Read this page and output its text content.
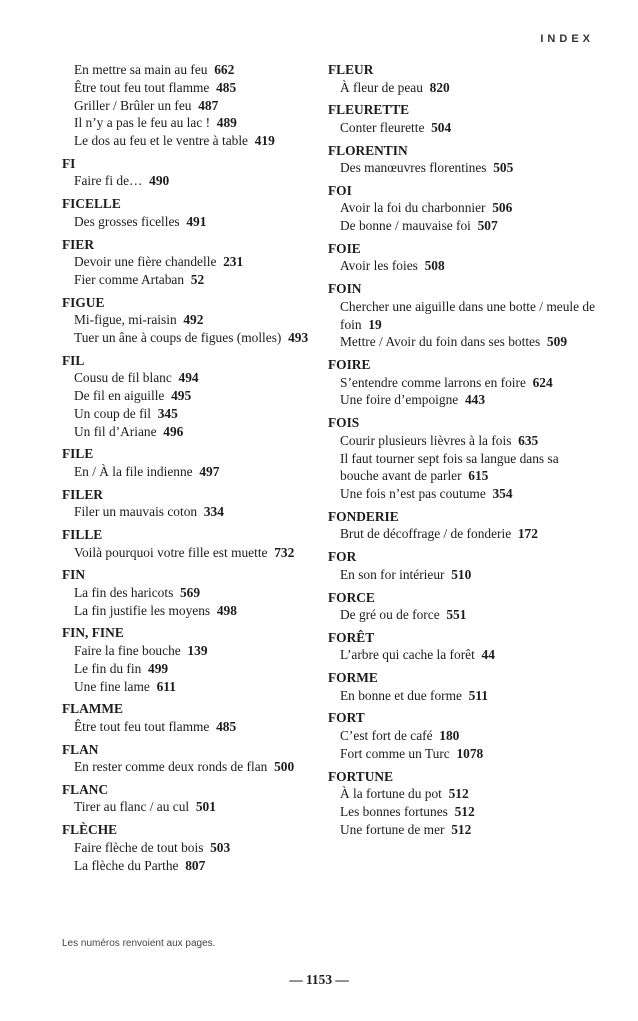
INDEX
En mettre sa main au feu 662
Être tout feu tout flamme 485
Griller / Brûler un feu 487
Il n’y a pas le feu au lac ! 489
Le dos au feu et le ventre à table 419
FI
Faire fi de… 490
FICELLE
Des grosses ficelles 491
FIER
Devoir une fière chandelle 231
Fier comme Artaban 52
FIGUE
Mi-figue, mi-raisin 492
Tuer un âne à coups de figues (molles) 493
FIL
Cousu de fil blanc 494
De fil en aiguille 495
Un coup de fil 345
Un fil d’Ariane 496
FILE
En / À la file indienne 497
FILER
Filer un mauvais coton 334
FILLE
Voilà pourquoi votre fille est muette 732
FIN
La fin des haricots 569
La fin justifie les moyens 498
FIN, FINE
Faire la fine bouche 139
Le fin du fin 499
Une fine lame 611
FLAMME
Être tout feu tout flamme 485
FLAN
En rester comme deux ronds de flan 500
FLANC
Tirer au flanc / au cul 501
FLÈCHE
Faire flèche de tout bois 503
La flèche du Parthe 807
FLEUR
À fleur de peau 820
FLEURETTE
Conter fleurette 504
FLORENTIN
Des manœuvres florentines 505
FOI
Avoir la foi du charbonnier 506
De bonne / mauvaise foi 507
FOIE
Avoir les foies 508
FOIN
Chercher une aiguille dans une botte / meule de foin 19
Mettre / Avoir du foin dans ses bottes 509
FOIRE
S’entendre comme larrons en foire 624
Une foire d’empoigne 443
FOIS
Courir plusieurs lièvres à la fois 635
Il faut tourner sept fois sa langue dans sa bouche avant de parler 615
Une fois n’est pas coutume 354
FONDERIE
Brut de décoffrage / de fonderie 172
FOR
En son for intérieur 510
FORCE
De gré ou de force 551
FORÊT
L’arbre qui cache la forêt 44
FORME
En bonne et due forme 511
FORT
C’est fort de café 180
Fort comme un Turc 1078
FORTUNE
À la fortune du pot 512
Les bonnes fortunes 512
Une fortune de mer 512
Les numéros renvoient aux pages.
— 1153 —
